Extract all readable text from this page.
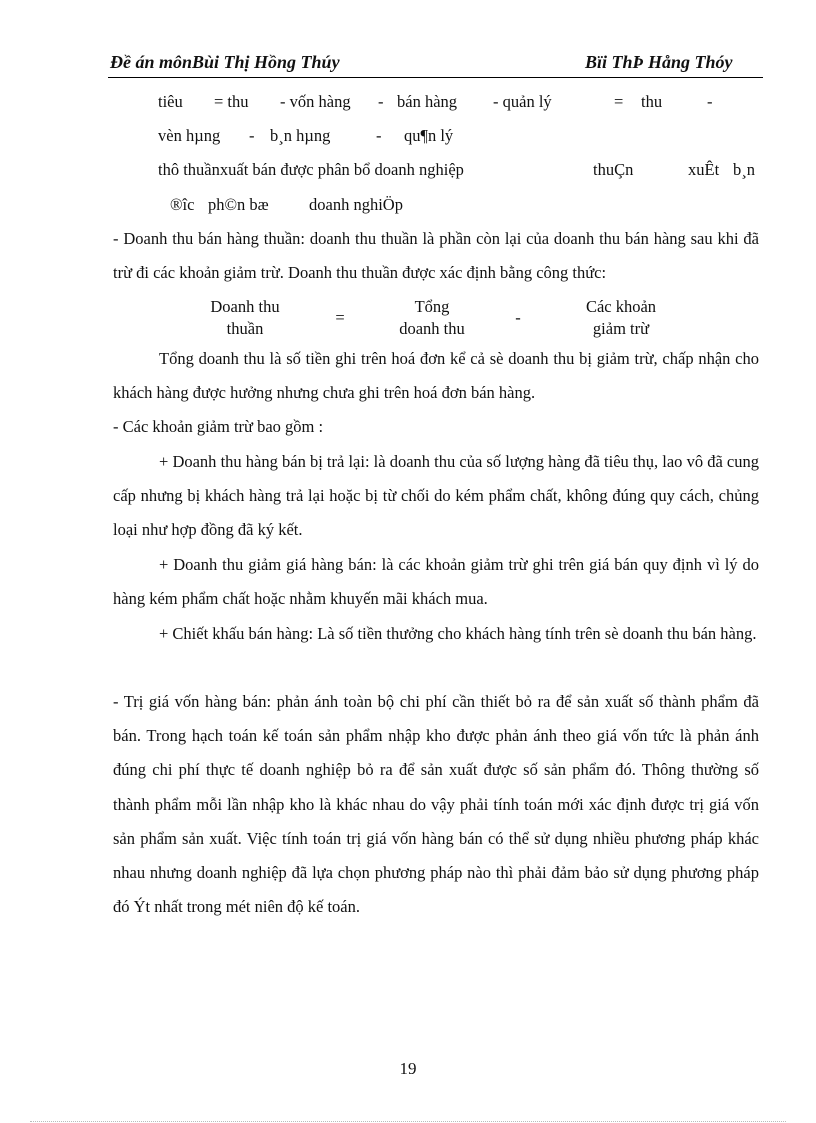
Đề án mônBùi Thị Hồng Thúy	Bïi ThÞ Hång Thóy
tiêu = thu - vốn hàng - bán hàng - quản lý	= thu	-
vèn hµng - b¸n hµng	- qu¶n lý
thô thuầnxuất bán được phân bổ doanh nghiệp	thuÇn	xuÊt b¸n
®îc ph©n bæ doanh nghiÖp
- Doanh thu bán hàng thuần: doanh thu thuần là phần còn lại của doanh thu bán hàng sau khi đã trừ đi các khoản giảm trừ. Doanh thu thuần được xác định bằng công thức:
Doanh thu
thuần
=
Tổng
doanh thu
-
Các khoản
giảm trừ
Tổng doanh thu là số tiền ghi trên hoá đơn kể cả sè doanh thu bị giảm trừ, chấp nhận cho khách hàng được hưởng nhưng chưa ghi trên hoá đơn bán hàng.
- Các khoản giảm trừ bao gồm :
+ Doanh thu hàng bán bị trả lại: là doanh thu của số lượng hàng đã tiêu thụ, lao vô đã cung cấp nhưng bị khách hàng trả lại hoặc bị từ chối do kém phẩm chất, không đúng quy cách, chủng loại như hợp đồng đã ký kết.
+ Doanh thu giảm giá hàng bán: là các khoản giảm trừ ghi trên giá bán quy định vì lý do hàng kém phẩm chất hoặc nhằm khuyến mãi khách mua.
+ Chiết khấu bán hàng: Là số tiền thưởng cho khách hàng tính trên sè doanh thu bán hàng.
- Trị giá vốn hàng bán: phản ánh toàn bộ chi phí cần thiết bỏ ra để sản xuất số thành phẩm đã bán. Trong hạch toán kế toán sản phẩm nhập kho được phản ánh theo giá vốn tức là phản ánh đúng chi phí thực tế doanh nghiệp bỏ ra để sản xuất được số sản phẩm đó. Thông thường số thành phẩm mỗi lần nhập kho là khác nhau do vậy phải tính toán mới xác định được trị giá vốn sản phẩm sản xuất. Việc tính toán trị giá vốn hàng bán có thể sử dụng nhiều phương pháp khác nhau nhưng doanh nghiệp đã lựa chọn phương pháp nào thì phải đảm bảo sử dụng phương pháp đó Ýt nhất trong mét niên độ kế toán.
19
